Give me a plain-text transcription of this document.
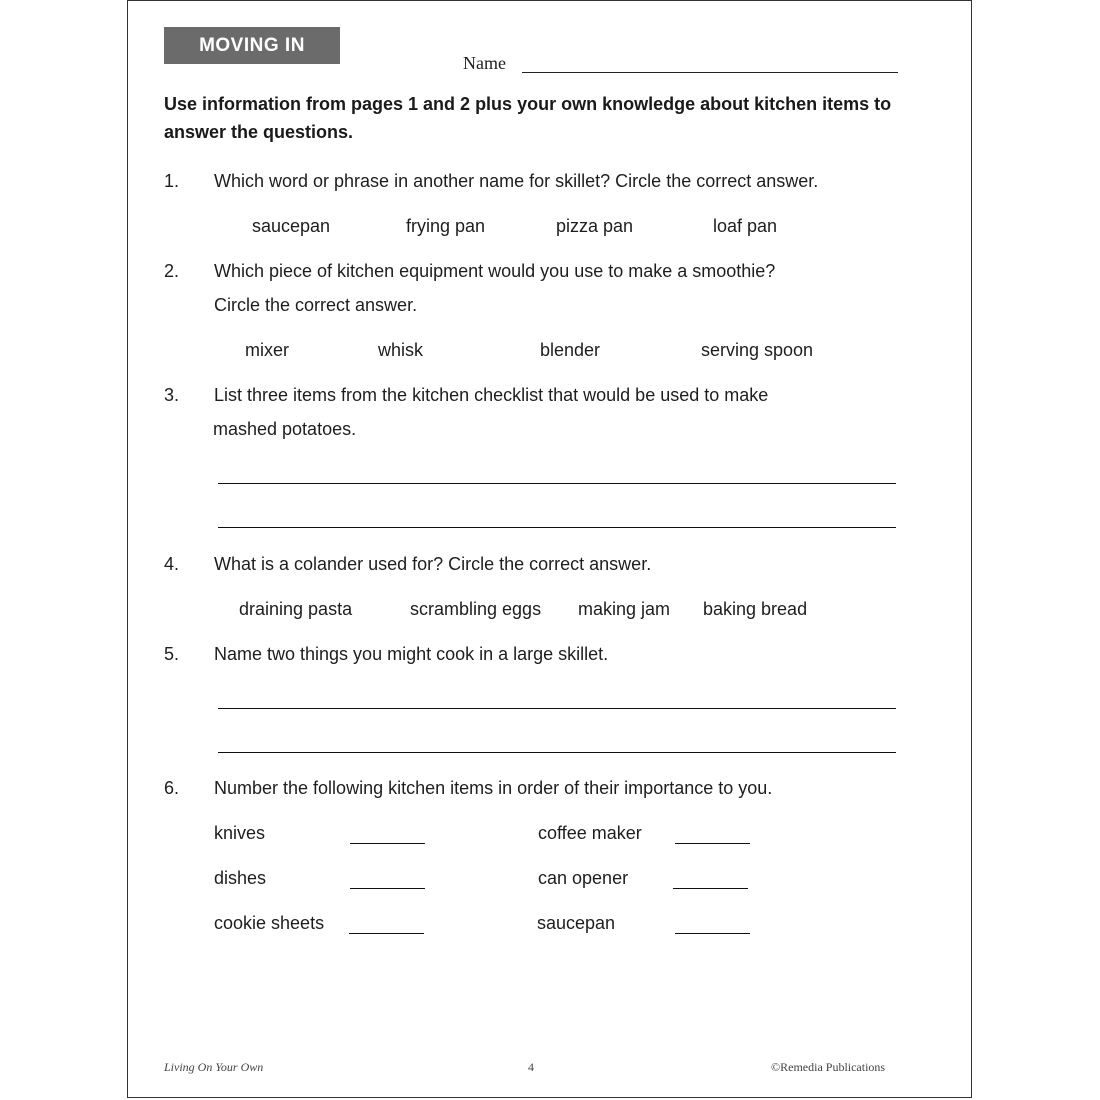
MOVING IN
Name
Use information from pages 1 and 2 plus your own knowledge about kitchen items to answer the questions.
1. Which word or phrase in another name for skillet? Circle the correct answer.
saucepan	frying pan	pizza pan	loaf pan
2. Which piece of kitchen equipment would you use to make a smoothie?
Circle the correct answer.
mixer	whisk	blender	serving spoon
3. List three items from the kitchen checklist that would be used to make
mashed potatoes.
4. What is a colander used for? Circle the correct answer.
draining pasta	scrambling eggs making jam baking bread
5. Name two things you might cook in a large skillet.
6. Number the following kitchen items in order of their importance to you.
knives	coffee maker
dishes	can opener
cookie sheets	saucepan
Living On Your Own	4	©Remedia Publications
